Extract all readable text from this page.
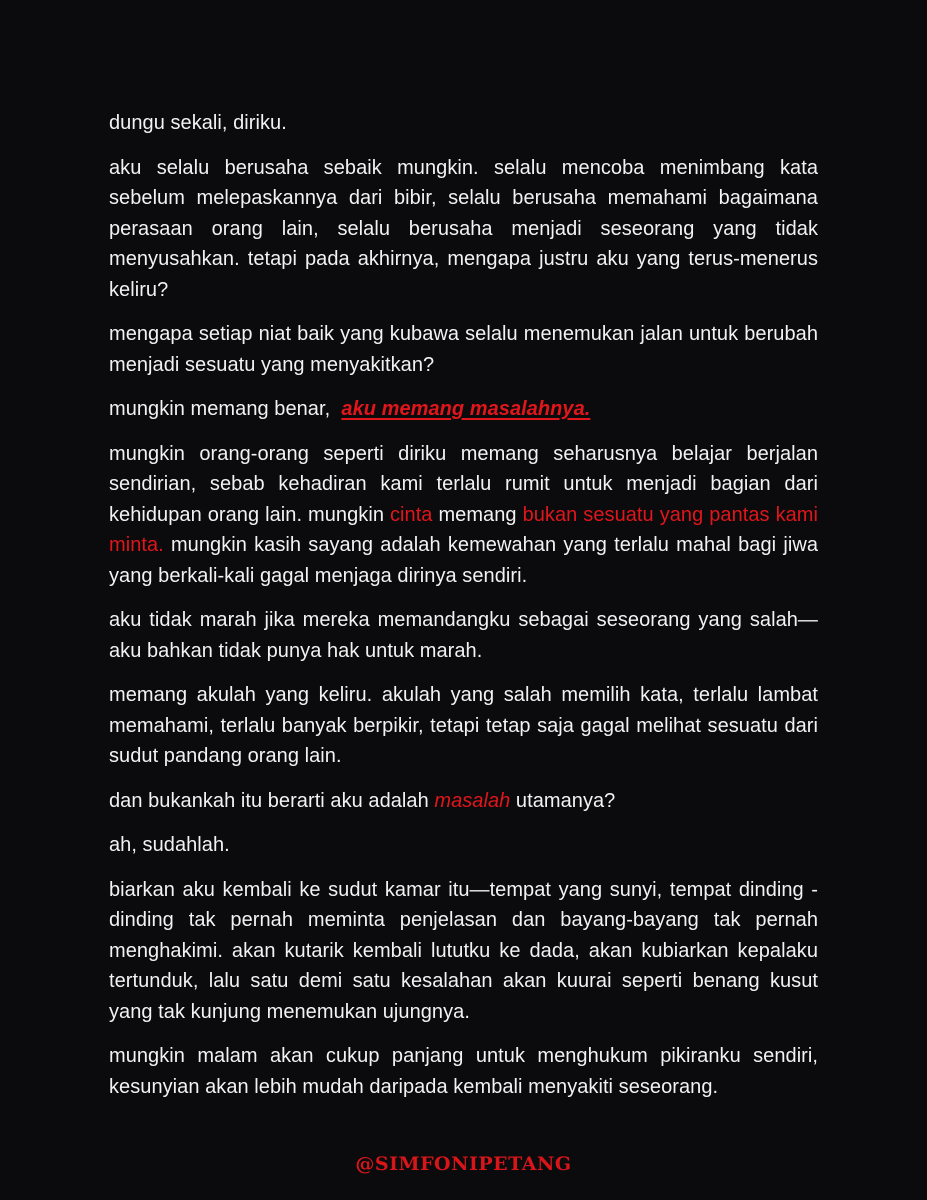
dungu sekali, diriku.

aku selalu berusaha sebaik mungkin. selalu mencoba menimbang kata sebelum melepaskannya dari bibir, selalu berusaha memahami bagaimana perasaan orang lain, selalu berusaha menjadi seseorang yang tidak menyusahkan. tetapi pada akhirnya, mengapa justru aku yang terus-menerus keliru?

mengapa setiap niat baik yang kubawa selalu menemukan jalan untuk berubah menjadi sesuatu yang menyakitkan?

mungkin memang benar,  aku memang masalahnya.

mungkin orang-orang seperti diriku memang seharusnya belajar berjalan sendirian, sebab kehadiran kami terlalu rumit untuk menjadi bagian dari kehidupan orang lain. mungkin cinta memang bukan sesuatu yang pantas kami minta. mungkin kasih sayang adalah kemewahan yang terlalu mahal bagi jiwa yang berkali-kali gagal menjaga dirinya sendiri.

aku tidak marah jika mereka memandangku sebagai seseorang yang salah—aku bahkan tidak punya hak untuk marah.

memang akulah yang keliru. akulah yang salah memilih kata, terlalu lambat memahami, terlalu banyak berpikir, tetapi tetap saja gagal melihat sesuatu dari sudut pandang orang lain.

dan bukankah itu berarti aku adalah masalah utamanya?

ah, sudahlah.

biarkan aku kembali ke sudut kamar itu—tempat yang sunyi, tempat dinding -dinding tak pernah meminta penjelasan dan bayang-bayang tak pernah menghakimi. akan kutarik kembali lututku ke dada, akan kubiarkan kepalaku tertunduk, lalu satu demi satu kesalahan akan kuurai seperti benang kusut yang tak kunjung menemukan ujungnya.

mungkin malam akan cukup panjang untuk menghukum pikiranku sendiri, kesunyian akan lebih mudah daripada kembali menyakiti seseorang.

@SIMFONIPETANG
